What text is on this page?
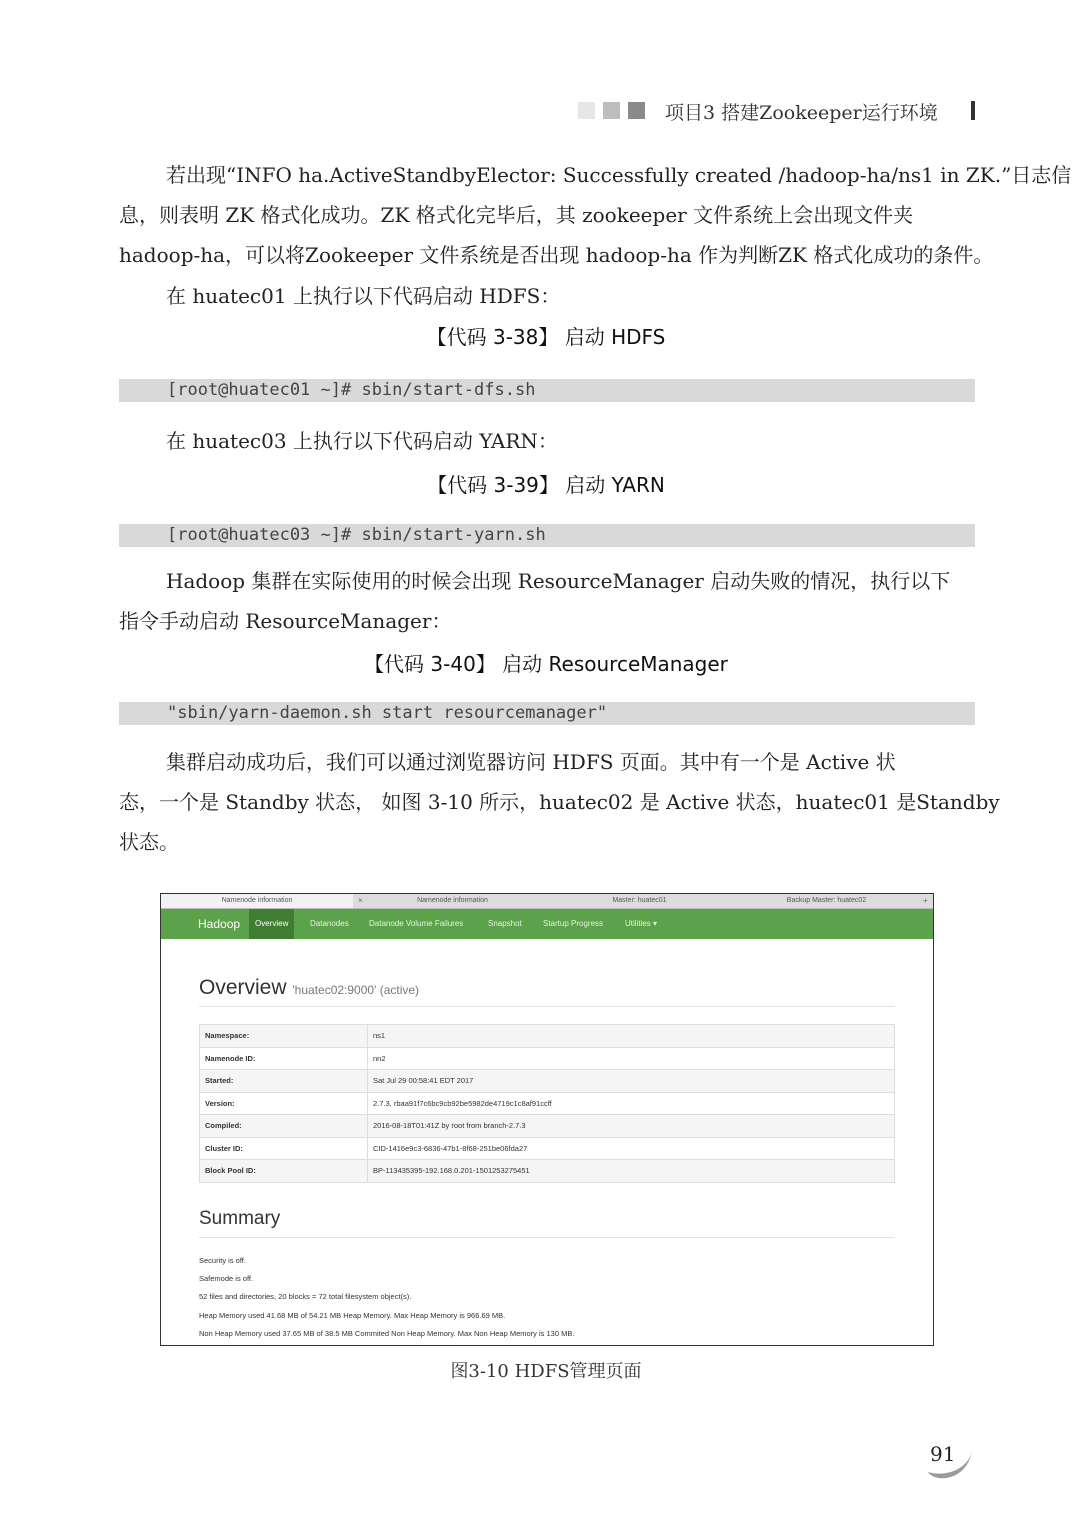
项目3 搭建Zookeeper运行环境
若出现“INFO ha.ActiveStandbyElector: Successfully created /hadoop-ha/ns1 in ZK.”日志信
息，则表明 ZK 格式化成功。ZK 格式化完毕后，其 zookeeper 文件系统上会出现文件夹
hadoop-ha，可以将Zookeeper 文件系统是否出现 hadoop-ha 作为判断ZK 格式化成功的条件。
在 huatec01 上执行以下代码启动 HDFS：
【代码 3-38】 启动 HDFS
[root@huatec01 ~]# sbin/start-dfs.sh
在 huatec03 上执行以下代码启动 YARN：
【代码 3-39】 启动 YARN
[root@huatec03 ~]# sbin/start-yarn.sh
Hadoop 集群在实际使用的时候会出现 ResourceManager 启动失败的情况，执行以下
指令手动启动 ResourceManager：
【代码 3-40】 启动 ResourceManager
"sbin/yarn-daemon.sh start resourcemanager"
集群启动成功后，我们可以通过浏览器访问 HDFS 页面。其中有一个是 Active 状
态，一个是 Standby 状态， 如图 3-10 所示，huatec02 是 Active 状态，huatec01 是Standby
状态。
Namenode information	×	Namenode information	Master: huatec01	Backup Master: huatec02	+
Hadoop	Overview	Datanodes	Datanode Volume Failures	Snapshot	Startup Progress	Utilities ▾
Overview 'huatec02:9000' (active)
Namespace:	ns1
Namenode ID:	nn2
Started:	Sat Jul 29 00:58:41 EDT 2017
Version:	2.7.3, rbaa91f7c6bc9cb92be5982de4719c1c8af91ccff
Compiled:	2016-08-18T01:41Z by root from branch-2.7.3
Cluster ID:	CID-1416e9c3-6836-47b1-8f68-251be06fda27
Block Pool ID:	BP-113435395-192.168.0.201-1501253275451
Summary
Security is off.
Safemode is off.
52 files and directories, 20 blocks = 72 total filesystem object(s).
Heap Memory used 41.68 MB of 54.21 MB Heap Memory. Max Heap Memory is 966.69 MB.
Non Heap Memory used 37.65 MB of 38.5 MB Commited Non Heap Memory. Max Non Heap Memory is 130 MB.
图3-10 HDFS管理页面
91
